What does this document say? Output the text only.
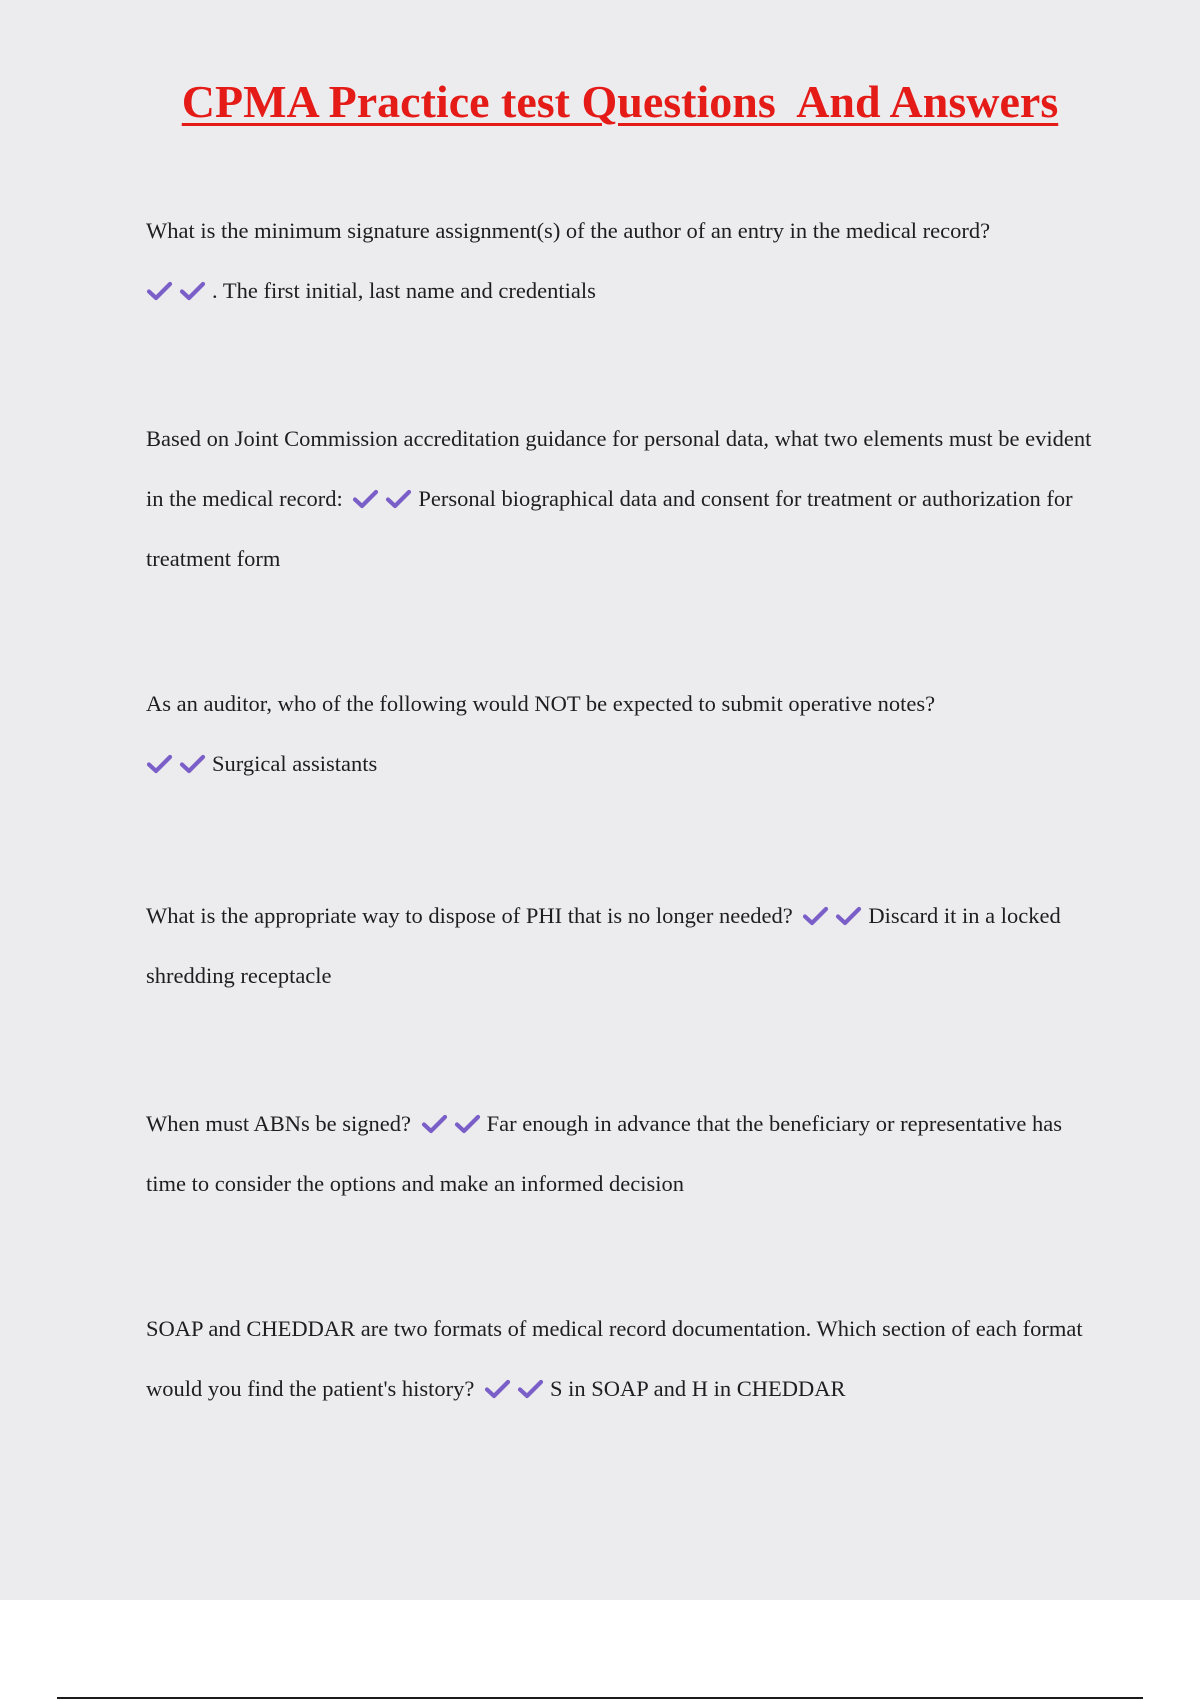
CPMA Practice test Questions  And Answers
What is the minimum signature assignment(s) of the author of an entry in the medical record?

. The first initial, last name and credentials
Based on Joint Commission accreditation guidance for personal data, what two elements must be evident in the medical record:	Personal biographical data and consent for treatment or authorization for treatment form
As an auditor, who of the following would NOT be expected to submit operative notes?

Surgical assistants
What is the appropriate way to dispose of PHI that is no longer needed?	Discard it in a locked shredding receptacle
When must ABNs be signed?	Far enough in advance that the beneficiary or representative has time to consider the options and make an informed decision
SOAP and CHEDDAR are two formats of medical record documentation. Which section of each format would you find the patient's history?	S in SOAP and H in CHEDDAR
